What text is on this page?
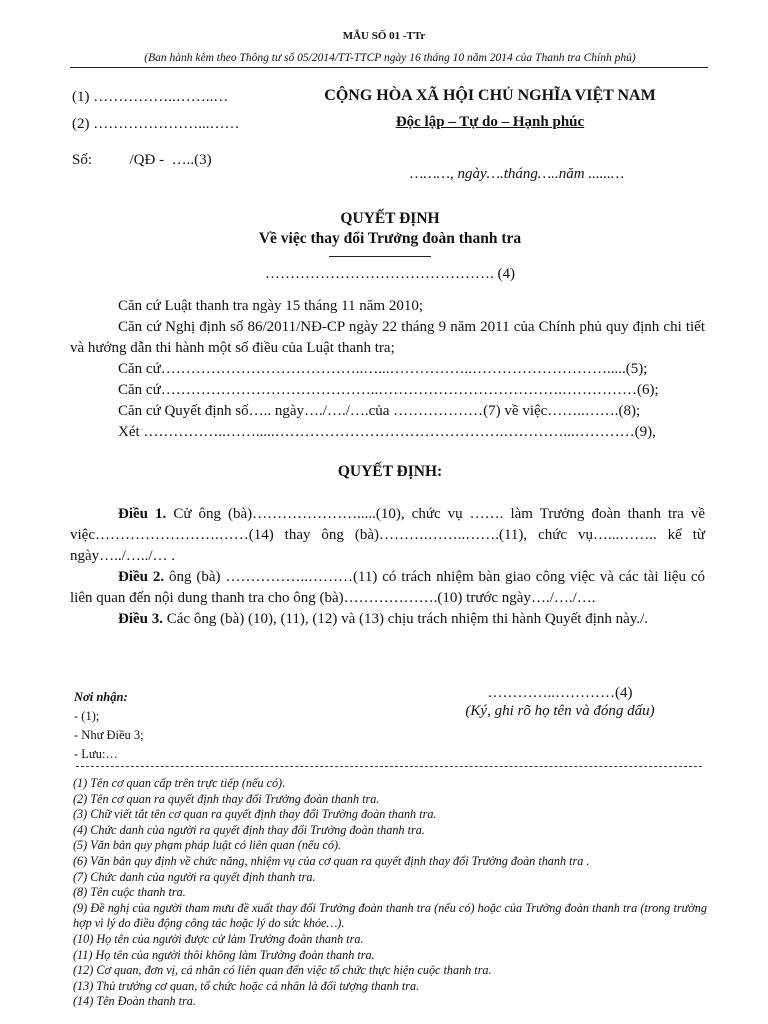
MẪU SỐ 01 -TTr
(Ban hành kèm theo Thông tư số 05/2014/TT-TTCP ngày 16 tháng 10 năm 2014 của Thanh tra Chính phủ)
(1) ……………..……..…
(2) …………………...……
Số:          /QĐ -  …..(3)
CỘNG HÒA XÃ HỘI CHỦ NGHĨA VIỆT NAM
Độc lập – Tự do – Hạnh phúc
………, ngày….tháng…..năm ......…
QUYẾT ĐỊNH
Về việc thay đổi Trưởng đoàn thanh tra
………………………………………. (4)

Căn cứ Luật thanh tra ngày 15 tháng 11 năm 2010;

Căn cứ Nghị định số 86/2011/NĐ-CP ngày 22 tháng 9 năm 2011 của Chính phủ quy định chi tiết và hướng dẫn thi hành một số điều của Luật thanh tra;

Căn cứ…………………………………..…...……………..……………………….....(5);

Căn cứ……………………………………..……………………………….……………(6);

Căn cứ Quyết định số….. ngày…./…./….của ………………(7) về việc……..…….(8);

Xét ……………..…….....……………………………………….…………...…………(9),

QUYẾT ĐỊNH:

Điều 1. Cử ông (bà)………………….....(10), chức vụ ……. làm Trưởng đoàn thanh tra về việc…………………….……(14) thay ông (bà)……….……..…….(11), chức vụ…...…….. kể từ ngày…../…../… .

Điều 2. ông (bà) ……………..………(11) có trách nhiệm bàn giao công việc và các tài liệu có liên quan đến nội dung thanh tra cho ông (bà)……………….(10) trước ngày…./…./….

Điều 3. Các ông (bà) (10), (11), (12) và (13) chịu trách nhiệm thi hành Quyết định này./.

Nơi nhận:
- (1);
- Như Điều 3;
- Lưu:…
…………..…………(4)
(Ký, ghi rõ họ tên và đóng dấu)
(1) Tên cơ quan cấp trên trực tiếp (nếu có).
(2) Tên cơ quan ra quyết định thay đổi Trưởng đoàn thanh tra.
(3) Chữ viết tắt tên cơ quan ra quyết định thay đổi Trưởng đoàn thanh tra.
(4) Chức danh của người ra quyết định thay đổi Trưởng đoàn thanh tra.
(5) Văn bản quy phạm pháp luật có liên quan (nếu có).
(6) Văn bản quy định về chức năng, nhiệm vụ của cơ quan ra quyết định thay đổi Trưởng đoàn thanh tra .
(7) Chức danh của người ra quyết định thanh tra.
(8) Tên cuộc thanh tra.
(9) Đề nghị của người tham mưu đề xuất thay đổi Trưởng đoàn thanh tra (nếu có) hoặc của Trưởng đoàn thanh tra (trong trường hợp vì lý do điều động công tác hoặc lý do sức khỏe…).
(10) Họ tên của người được cử làm Trưởng đoàn thanh tra.
(11) Họ tên của người thôi không làm Trưởng đoàn thanh tra.
(12) Cơ quan, đơn vị, cá nhân có liên quan đến việc tổ chức thực hiện cuộc thanh tra.
(13) Thủ trưởng cơ quan, tổ chức hoặc cá nhân là đối tượng thanh tra.
(14) Tên Đoàn thanh tra.
